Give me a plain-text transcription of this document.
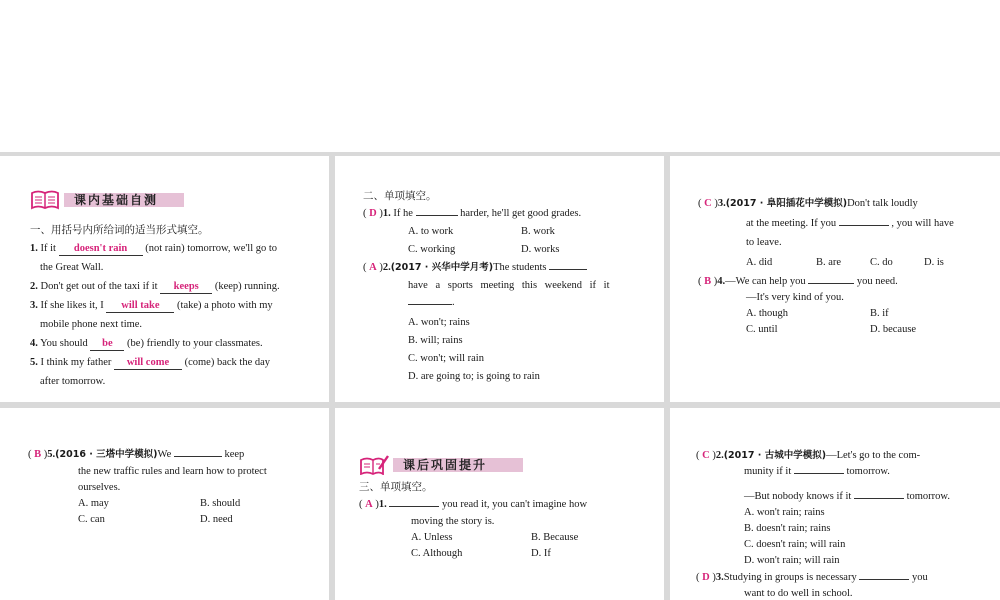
课内基础自测
一、用括号内所给词的适当形式填空。
1. If it doesn't rain (not rain) tomorrow, we'll go to
the Great Wall.
2. Don't get out of the taxi if it keeps (keep) running.
3. If she likes it, I will take (take) a photo with my
mobile phone next time.
4. You should be (be) friendly to your classmates.
5. I think my father will come (come) back the day
after tomorrow.
二、单项填空。
( D )1. If he	harder, he'll get good grades.
A. to work	B. work
C. working	D. works
( A )2.(2017 · 兴华中学月考)The students
have a sports meeting this weekend if it
.
A. won't; rains
B. will; rains
C. won't; will rain
D. are going to; is going to rain
( C )3.(2017 · 阜阳插花中学模拟)Don't talk loudly
at the meeting. If you	, you will have
to leave.
A. did	B. are	C. do	D. is
( B )4.—We can help you	you need.
—It's very kind of you.
A. though	B. if
C. until	D. because
( B )5.(2016 · 三塔中学模拟)We	keep
the new traffic rules and learn how to protect
ourselves.
A. may	B. should
C. can	D. need
课后巩固提升
三、单项填空。
( A )1.	you read it, you can't imagine how
moving the story is.
A. Unless	B. Because
C. Although	D. If
( C )2.(2017 · 古城中学模拟)—Let's go to the com-
munity if it	tomorrow.
—But nobody knows if it	tomorrow.
A. won't rain; rains
B. doesn't rain; rains
C. doesn't rain; will rain
D. won't rain; will rain
( D )3.Studying in groups is necessary	you
want to do well in school.
